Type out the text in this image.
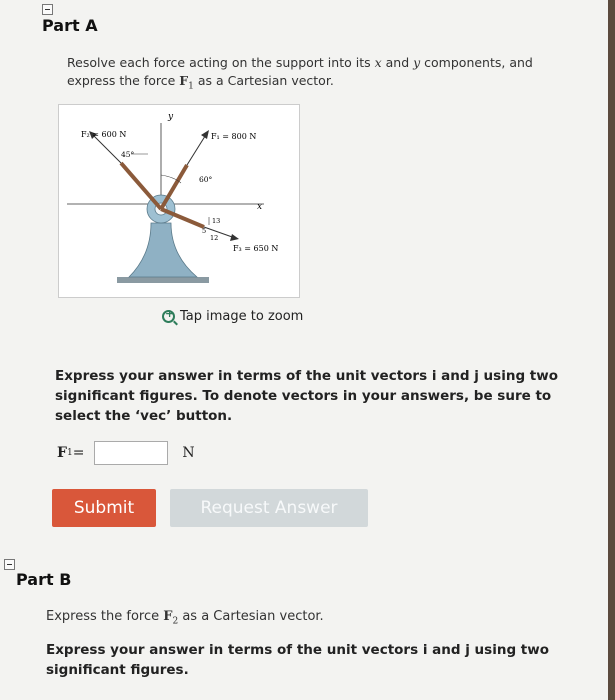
Part A
Resolve each force acting on the support into its x and y components, and express the force $F_1$ as a Cartesian vector.
y
x
45°
60°
13
5
12
F₂ = 600 N	F₁ = 800 N
F₃ = 650 N
+
Tap image to zoom
Express your answer in terms of the unit vectors i and j using two significant figures. To denote vectors in your answers, be sure to select the ‘vec’ button.
F 1 =	N
Submit	Request Answer
Part B
Express the force $F_2$ as a Cartesian vector.
Express your answer in terms of the unit vectors i and j using two significant figures.
